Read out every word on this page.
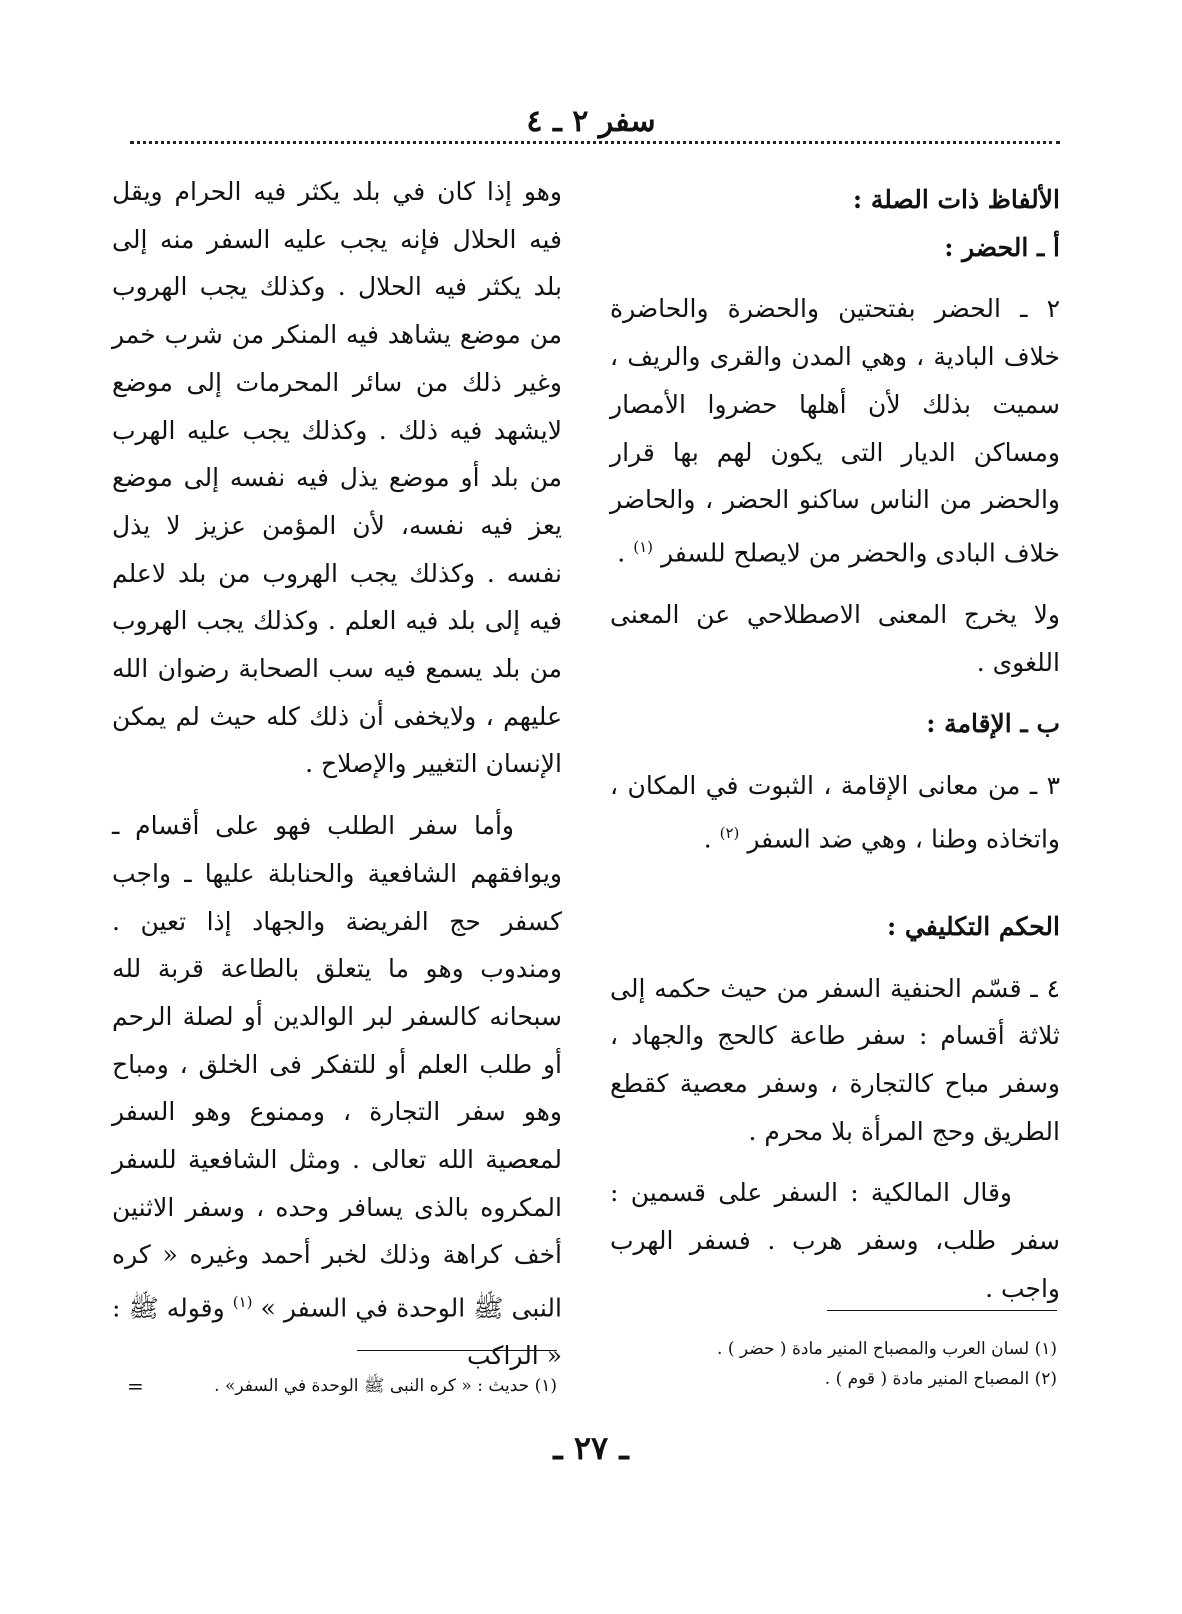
سفر ٢ ـ ٤

الألفاظ ذات الصلة :

أ ـ الحضر :

٢ ـ الحضر بفتحتين والحضرة والحاضرة خلاف البادية ، وهي المدن والقرى والريف ، سميت بذلك لأن أهلها حضروا الأمصار ومساكن الديار التى يكون لهم بها قرار والحضر من الناس ساكنو الحضر ، والحاضر خلاف البادى والحضر من لايصلح للسفر $^{(١)}$ .

ولا يخرج المعنى الاصطلاحي عن المعنى اللغوى .

ب ـ الإقامة :

٣ ـ من معانى الإقامة ، الثبوت في المكان ، واتخاذه وطنا ، وهي ضد السفر $^{(٢)}$ .

الحكم التكليفي :

٤ ـ قسّم الحنفية السفر من حيث حكمه إلى ثلاثة أقسام : سفر طاعة كالحج والجهاد ، وسفر مباح كالتجارة ، وسفر معصية كقطع الطريق وحج المرأة بلا محرم .

وقال المالكية : السفر على قسمين : سفر طلب، وسفر هرب . فسفر الهرب واجب .

(١) لسان العرب والمصباح المنير مادة ( حضر ) .
(٢) المصباح المنير مادة ( قوم ) .

وهو إذا كان في بلد يكثر فيه الحرام ويقل فيه الحلال فإنه يجب عليه السفر منه إلى بلد يكثر فيه الحلال . وكذلك يجب الهروب من موضع يشاهد فيه المنكر من شرب خمر وغير ذلك من سائر المحرمات إلى موضع لايشهد فيه ذلك . وكذلك يجب عليه الهرب من بلد أو موضع يذل فيه نفسه إلى موضع يعز فيه نفسه، لأن المؤمن عزيز لا يذل نفسه . وكذلك يجب الهروب من بلد لاعلم فيه إلى بلد فيه العلم . وكذلك يجب الهروب من بلد يسمع فيه سب الصحابة رضوان الله عليهم ، ولايخفى أن ذلك كله حيث لم يمكن الإنسان التغيير والإصلاح .

وأما سفر الطلب فهو على أقسام ـ ويوافقهم الشافعية والحنابلة عليها ـ واجب كسفر حج الفريضة والجهاد إذا تعين . ومندوب وهو ما يتعلق بالطاعة قربة لله سبحانه كالسفر لبر الوالدين أو لصلة الرحم أو طلب العلم أو للتفكر فى الخلق ، ومباح وهو سفر التجارة ، وممنوع وهو السفر لمعصية الله تعالى . ومثل الشافعية للسفر المكروه بالذى يسافر وحده ، وسفر الاثنين أخف كراهة وذلك لخبر أحمد وغيره « كره النبى ﷺ الوحدة في السفر » $^{(١)}$ وقوله ﷺ : « الراكب

(١) حديث : « كره النبى ﷺ الوحدة في السفر» .
=
ـ ٢٧ ـ
